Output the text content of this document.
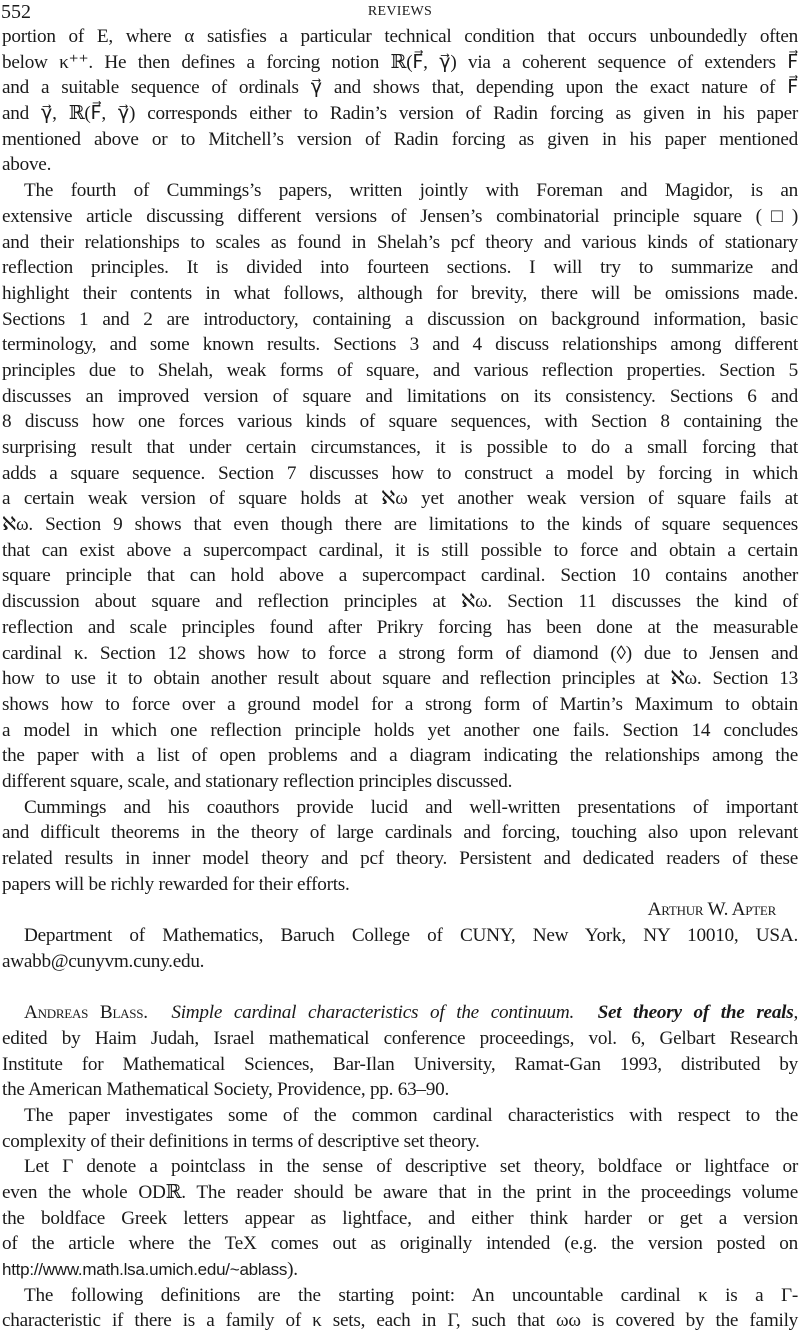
552	REVIEWS
portion of E, where α satisfies a particular technical condition that occurs unboundedly often
below κ⁺⁺. He then defines a forcing notion ℝ(F⃗, γ⃗) via a coherent sequence of extenders F⃗
and a suitable sequence of ordinals γ⃗ and shows that, depending upon the exact nature of F⃗
and γ⃗, ℝ(F⃗, γ⃗) corresponds either to Radin’s version of Radin forcing as given in his paper
mentioned above or to Mitchell’s version of Radin forcing as given in his paper mentioned
above.
The fourth of Cummings’s papers, written jointly with Foreman and Magidor, is an
extensive article discussing different versions of Jensen’s combinatorial principle square (□)
and their relationships to scales as found in Shelah’s pcf theory and various kinds of stationary
reflection principles. It is divided into fourteen sections. I will try to summarize and
highlight their contents in what follows, although for brevity, there will be omissions made.
Sections 1 and 2 are introductory, containing a discussion on background information, basic
terminology, and some known results. Sections 3 and 4 discuss relationships among different
principles due to Shelah, weak forms of square, and various reflection properties. Section 5
discusses an improved version of square and limitations on its consistency. Sections 6 and
8 discuss how one forces various kinds of square sequences, with Section 8 containing the
surprising result that under certain circumstances, it is possible to do a small forcing that
adds a square sequence. Section 7 discusses how to construct a model by forcing in which
a certain weak version of square holds at ℵω yet another weak version of square fails at
ℵω. Section 9 shows that even though there are limitations to the kinds of square sequences
that can exist above a supercompact cardinal, it is still possible to force and obtain a certain
square principle that can hold above a supercompact cardinal. Section 10 contains another
discussion about square and reflection principles at ℵω. Section 11 discusses the kind of
reflection and scale principles found after Prikry forcing has been done at the measurable
cardinal κ. Section 12 shows how to force a strong form of diamond (◊) due to Jensen and
how to use it to obtain another result about square and reflection principles at ℵω. Section 13
shows how to force over a ground model for a strong form of Martin’s Maximum to obtain
a model in which one reflection principle holds yet another one fails. Section 14 concludes
the paper with a list of open problems and a diagram indicating the relationships among the
different square, scale, and stationary reflection principles discussed.
Cummings and his coauthors provide lucid and well-written presentations of important
and difficult theorems in the theory of large cardinals and forcing, touching also upon relevant
related results in inner model theory and pcf theory. Persistent and dedicated readers of these
papers will be richly rewarded for their efforts.
Arthur W. Apter
Department of Mathematics, Baruch College of CUNY, New York, NY 10010, USA.
awabb@cunyvm.cuny.edu.
Andreas Blass. Simple cardinal characteristics of the continuum. Set theory of the reals,
edited by Haim Judah, Israel mathematical conference proceedings, vol. 6, Gelbart Research
Institute for Mathematical Sciences, Bar-Ilan University, Ramat-Gan 1993, distributed by
the American Mathematical Society, Providence, pp. 63–90.
The paper investigates some of the common cardinal characteristics with respect to the
complexity of their definitions in terms of descriptive set theory.
Let Γ denote a pointclass in the sense of descriptive set theory, boldface or lightface or
even the whole ODℝ. The reader should be aware that in the print in the proceedings volume
the boldface Greek letters appear as lightface, and either think harder or get a version
of the article where the TeX comes out as originally intended (e.g. the version posted on
http://www.math.lsa.umich.edu/~ablass).
The following definitions are the starting point: An uncountable cardinal κ is a Γ-
characteristic if there is a family of κ sets, each in Γ, such that ωω is covered by the family
